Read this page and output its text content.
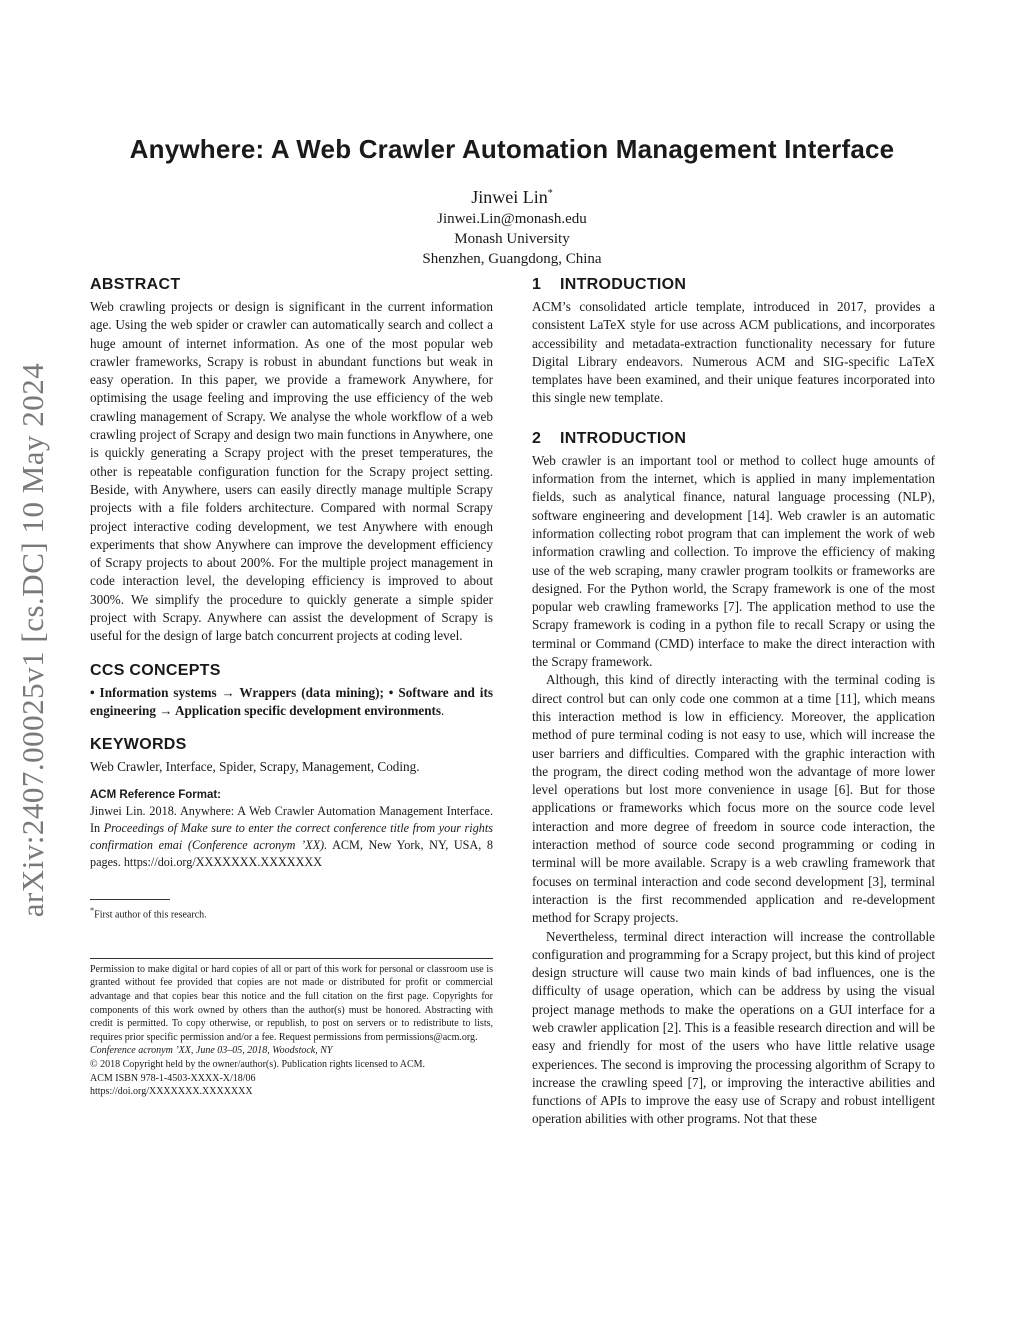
arXiv:2407.00025v1 [cs.DC] 10 May 2024
Anywhere: A Web Crawler Automation Management Interface
Jinwei Lin*
Jinwei.Lin@monash.edu
Monash University
Shenzhen, Guangdong, China
ABSTRACT

Web crawling projects or design is significant in the current information age. Using the web spider or crawler can automatically search and collect a huge amount of internet information. As one of the most popular web crawler frameworks, Scrapy is robust in abundant functions but weak in easy operation. In this paper, we provide a framework Anywhere, for optimising the usage feeling and improving the use efficiency of the web crawling management of Scrapy. We analyse the whole workflow of a web crawling project of Scrapy and design two main functions in Anywhere, one is quickly generating a Scrapy project with the preset temperatures, the other is repeatable configuration function for the Scrapy project setting. Beside, with Anywhere, users can easily directly manage multiple Scrapy projects with a file folders architecture. Compared with normal Scrapy project interactive coding development, we test Anywhere with enough experiments that show Anywhere can improve the development efficiency of Scrapy projects to about 200%. For the multiple project management in code interaction level, the developing efficiency is improved to about 300%. We simplify the procedure to quickly generate a simple spider project with Scrapy. Anywhere can assist the development of Scrapy is useful for the design of large batch concurrent projects at coding level.

CCS CONCEPTS

• Information systems → Wrappers (data mining); • Software and its engineering → Application specific development environments.

KEYWORDS

Web Crawler, Interface, Spider, Scrapy, Management, Coding.

ACM Reference Format:

Jinwei Lin. 2018. Anywhere: A Web Crawler Automation Management Interface. In Proceedings of Make sure to enter the correct conference title from your rights confirmation emai (Conference acronym ’XX). ACM, New York, NY, USA, 8 pages. https://doi.org/XXXXXXX.XXXXXXX

*First author of this research.

Permission to make digital or hard copies of all or part of this work for personal or classroom use is granted without fee provided that copies are not made or distributed for profit or commercial advantage and that copies bear this notice and the full citation on the first page. Copyrights for components of this work owned by others than the author(s) must be honored. Abstracting with credit is permitted. To copy otherwise, or republish, to post on servers or to redistribute to lists, requires prior specific permission and/or a fee. Request permissions from permissions@acm.org.

Conference acronym ’XX, June 03–05, 2018, Woodstock, NY
© 2018 Copyright held by the owner/author(s). Publication rights licensed to ACM.
ACM ISBN 978-1-4503-XXXX-X/18/06
https://doi.org/XXXXXXX.XXXXXXX
1 INTRODUCTION

ACM’s consolidated article template, introduced in 2017, provides a consistent LaTeX style for use across ACM publications, and incorporates accessibility and metadata-extraction functionality necessary for future Digital Library endeavors. Numerous ACM and SIG-specific LaTeX templates have been examined, and their unique features incorporated into this single new template.

2 INTRODUCTION

Web crawler is an important tool or method to collect huge amounts of information from the internet, which is applied in many implementation fields, such as analytical finance, natural language processing (NLP), software engineering and development [14]. Web crawler is an automatic information collecting robot program that can implement the work of web information crawling and collection. To improve the efficiency of making use of the web scraping, many crawler program toolkits or frameworks are designed. For the Python world, the Scrapy framework is one of the most popular web crawling frameworks [7]. The application method to use the Scrapy framework is coding in a python file to recall Scrapy or using the terminal or Command (CMD) interface to make the direct interaction with the Scrapy framework.

Although, this kind of directly interacting with the terminal coding is direct control but can only code one common at a time [11], which means this interaction method is low in efficiency. Moreover, the application method of pure terminal coding is not easy to use, which will increase the user barriers and difficulties. Compared with the graphic interaction with the program, the direct coding method won the advantage of more lower level operations but lost more convenience in usage [6]. But for those applications or frameworks which focus more on the source code level interaction and more degree of freedom in source code interaction, the interaction method of source code second programming or coding in terminal will be more available. Scrapy is a web crawling framework that focuses on terminal interaction and code second development [3], terminal interaction is the first recommended application and re-development method for Scrapy projects.

Nevertheless, terminal direct interaction will increase the controllable configuration and programming for a Scrapy project, but this kind of project design structure will cause two main kinds of bad influences, one is the difficulty of usage operation, which can be address by using the visual project manage methods to make the operations on a GUI interface for a web crawler application [2]. This is a feasible research direction and will be easy and friendly for most of the users who have little relative usage experiences. The second is improving the processing algorithm of Scrapy to increase the crawling speed [7], or improving the interactive abilities and functions of APIs to improve the easy use of Scrapy and robust intelligent operation abilities with other programs. Not that these
